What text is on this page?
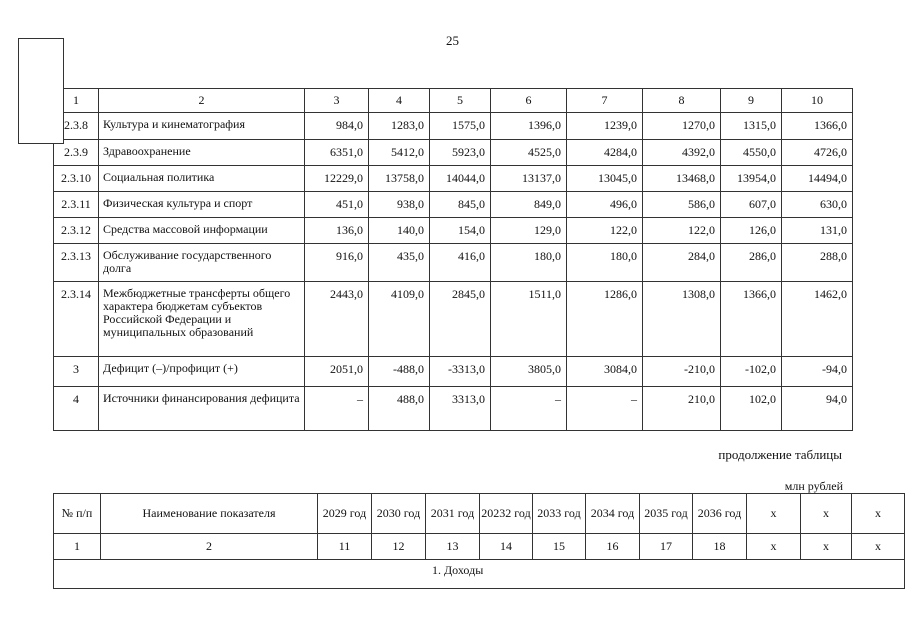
25
1	2	3	4	5	6	7	8	9	10
2.3.8	Культура и кинематография	984,0	1283,0	1575,0	1396,0	1239,0	1270,0	1315,0	1366,0
2.3.9	Здравоохранение	6351,0	5412,0	5923,0	4525,0	4284,0	4392,0	4550,0	4726,0
2.3.10	Социальная политика	12229,0	13758,0	14044,0	13137,0	13045,0	13468,0	13954,0	14494,0
2.3.11	Физическая культура и спорт	451,0	938,0	845,0	849,0	496,0	586,0	607,0	630,0
2.3.12	Средства массовой информации	136,0	140,0	154,0	129,0	122,0	122,0	126,0	131,0
2.3.13	Обслуживание государственного долга	916,0	435,0	416,0	180,0	180,0	284,0	286,0	288,0
2.3.14	Межбюджетные трансферты общего характера бюджетам субъектов Российской Федерации и муниципальных образований	2443,0	4109,0	2845,0	1511,0	1286,0	1308,0	1366,0	1462,0
3	Дефицит (–)/профицит (+)	2051,0	-488,0	-3313,0	3805,0	3084,0	-210,0	-102,0	-94,0
4	Источники финансирования дефицита	–	488,0	3313,0	–	–	210,0	102,0	94,0
продолжение таблицы
млн рублей
№ п/п	Наименование показателя	2029 год	2030 год	2031 год	20232 год	2033 год	2034 год	2035 год	2036 год	х	х	х
1	2	11	12	13	14	15	16	17	18	х	х	х
1. Доходы												
